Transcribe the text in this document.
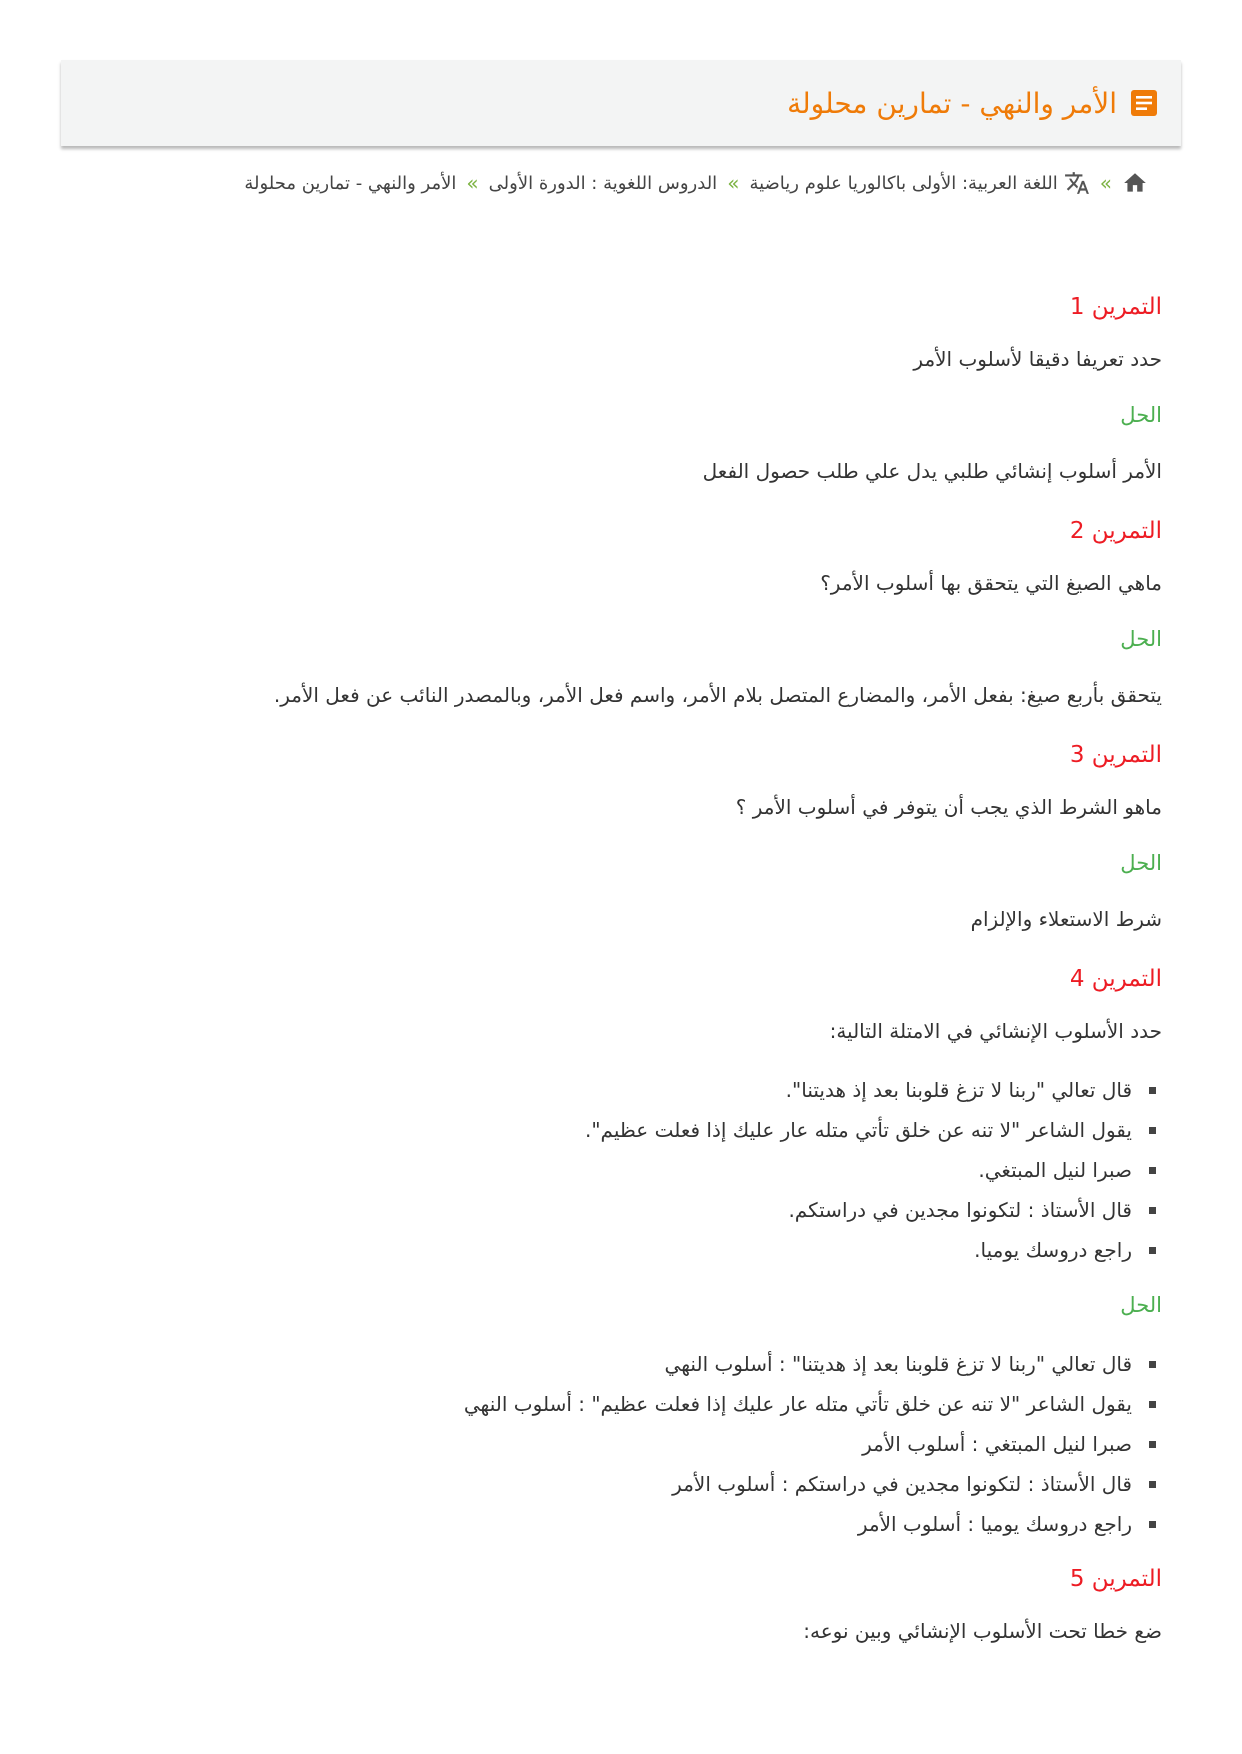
الأمر والنهي - تمارين محلولة
»
اللغة العربية: الأولى باكالوريا علوم رياضية
»
الدروس اللغوية : الدورة الأولى
»
الأمر والنهي - تمارين محلولة
التمرين 1

حدد تعريفا دقيقا لأسلوب الأمر

الحل

الأمر أسلوب إنشائي طلبي يدل علي طلب حصول الفعل

التمرين 2

ماهي الصيغ التي يتحقق بها أسلوب الأمر؟

الحل

يتحقق بأربع صيغ: بفعل الأمر، والمضارع المتصل بلام الأمر، واسم فعل الأمر، وبالمصدر النائب عن فعل الأمر.

التمرين 3

ماهو الشرط الذي يجب أن يتوفر في أسلوب الأمر ؟

الحل

شرط الاستعلاء والإلزام

التمرين 4

حدد الأسلوب الإنشائي في الامتلة التالية:

قال تعالي "ربنا لا تزغ قلوبنا بعد إذ هديتنا".
يقول الشاعر "لا تنه عن خلق تأتي متله عار عليك إذا فعلت عظيم".
صبرا لنيل المبتغي.
قال الأستاذ : لتكونوا مجدين في دراستكم.
راجع دروسك يوميا.

الحل

قال تعالي "ربنا لا تزغ قلوبنا بعد إذ هديتنا" : أسلوب النهي
يقول الشاعر "لا تنه عن خلق تأتي متله عار عليك إذا فعلت عظيم" : أسلوب النهي
صبرا لنيل المبتغي : أسلوب الأمر
قال الأستاذ : لتكونوا مجدين في دراستكم : أسلوب الأمر
راجع دروسك يوميا : أسلوب الأمر
التمرين 5

ضع خطا تحت الأسلوب الإنشائي وبين نوعه:
